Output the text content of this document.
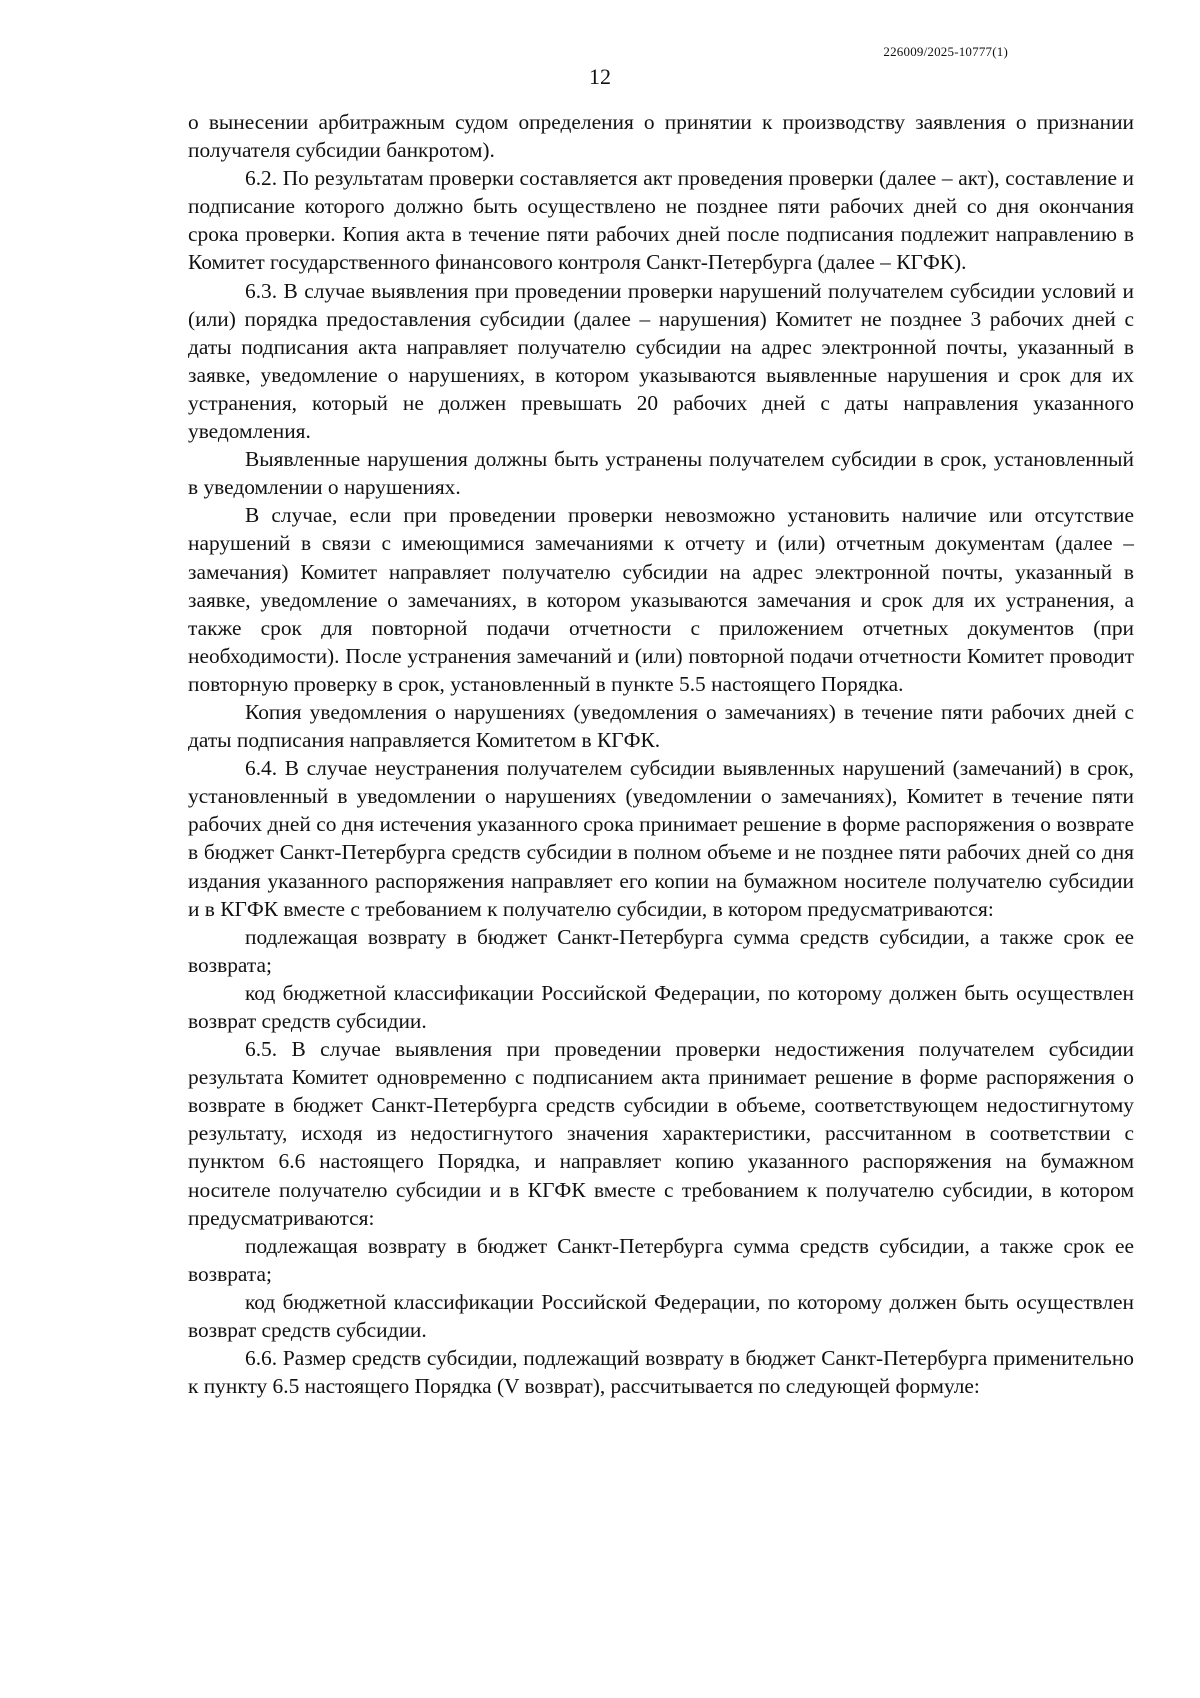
226009/2025-10777(1)
12

о вынесении арбитражным судом определения о принятии к производству заявления о признании получателя субсидии банкротом).

6.2. По результатам проверки составляется акт проведения проверки (далее – акт), составление и подписание которого должно быть осуществлено не позднее пяти рабочих дней со дня окончания срока проверки. Копия акта в течение пяти рабочих дней после подписания подлежит направлению в Комитет государственного финансового контроля Санкт-Петербурга (далее – КГФК).

6.3. В случае выявления при проведении проверки нарушений получателем субсидии условий и (или) порядка предоставления субсидии (далее – нарушения) Комитет не позднее 3 рабочих дней с даты подписания акта направляет получателю субсидии на адрес электронной почты, указанный в заявке, уведомление о нарушениях, в котором указываются выявленные нарушения и срок для их устранения, который не должен превышать 20 рабочих дней с даты направления указанного уведомления.

Выявленные нарушения должны быть устранены получателем субсидии в срок, установленный в уведомлении о нарушениях.

В случае, если при проведении проверки невозможно установить наличие или отсутствие нарушений в связи с имеющимися замечаниями к отчету и (или) отчетным документам (далее – замечания) Комитет направляет получателю субсидии на адрес электронной почты, указанный в заявке, уведомление о замечаниях, в котором указываются замечания и срок для их устранения, а также срок для повторной подачи отчетности с приложением отчетных документов (при необходимости). После устранения замечаний и (или) повторной подачи отчетности Комитет проводит повторную проверку в срок, установленный в пункте 5.5 настоящего Порядка.

Копия уведомления о нарушениях (уведомления о замечаниях) в течение пяти рабочих дней с даты подписания направляется Комитетом в КГФК.

6.4. В случае неустранения получателем субсидии выявленных нарушений (замечаний) в срок, установленный в уведомлении о нарушениях (уведомлении о замечаниях), Комитет в течение пяти рабочих дней со дня истечения указанного срока принимает решение в форме распоряжения о возврате в бюджет Санкт-Петербурга средств субсидии в полном объеме и не позднее пяти рабочих дней со дня издания указанного распоряжения направляет его копии на бумажном носителе получателю субсидии и в КГФК вместе с требованием к получателю субсидии, в котором предусматриваются:

подлежащая возврату в бюджет Санкт-Петербурга сумма средств субсидии, а также срок ее возврата;

код бюджетной классификации Российской Федерации, по которому должен быть осуществлен возврат средств субсидии.

6.5. В случае выявления при проведении проверки недостижения получателем субсидии результата Комитет одновременно с подписанием акта принимает решение в форме распоряжения о возврате в бюджет Санкт-Петербурга средств субсидии в объеме, соответствующем недостигнутому результату, исходя из недостигнутого значения характеристики, рассчитанном в соответствии с пунктом 6.6 настоящего Порядка, и направляет копию указанного распоряжения на бумажном носителе получателю субсидии и в КГФК вместе с требованием к получателю субсидии, в котором предусматриваются:

подлежащая возврату в бюджет Санкт-Петербурга сумма средств субсидии, а также срок ее возврата;

код бюджетной классификации Российской Федерации, по которому должен быть осуществлен возврат средств субсидии.

6.6. Размер средств субсидии, подлежащий возврату в бюджет Санкт-Петербурга применительно к пункту 6.5 настоящего Порядка (V возврат), рассчитывается по следующей формуле:
